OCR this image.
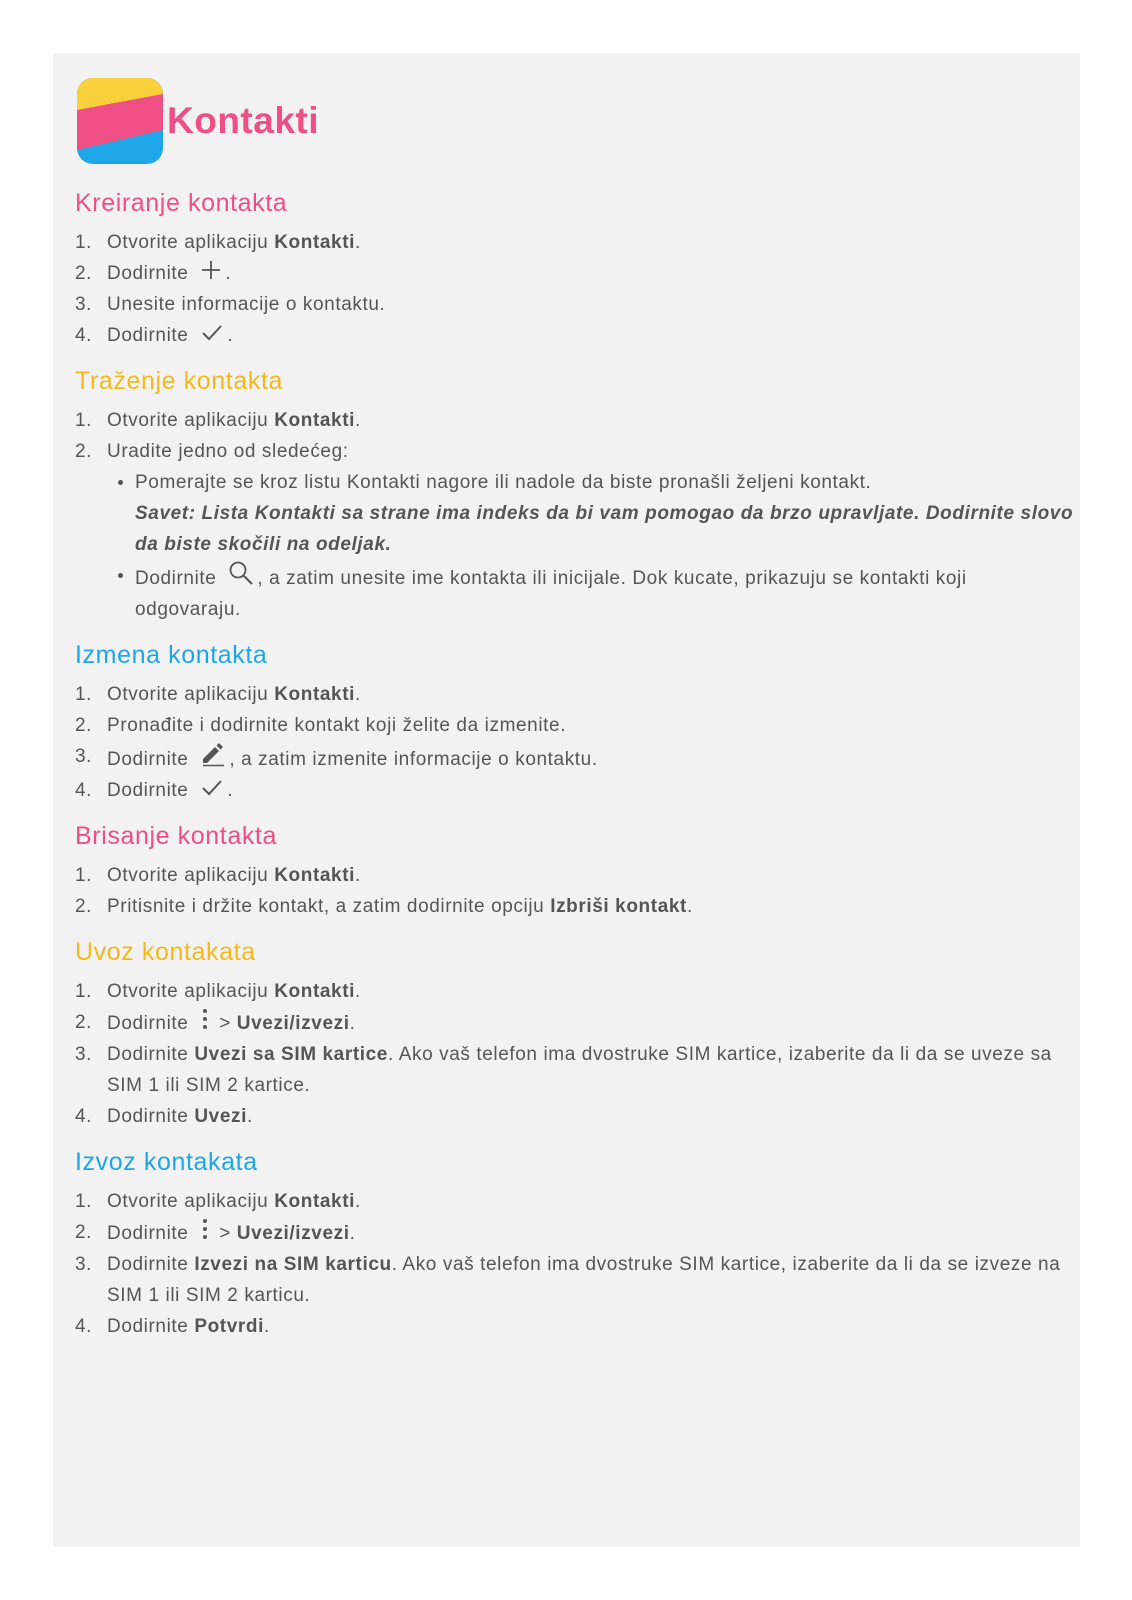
Kontakti
Kreiranje kontakta
1. Otvorite aplikaciju Kontakti.
2. Dodirnite
.
3. Unesite informacije o kontaktu.
4. Dodirnite
.
Traženje kontakta
1. Otvorite aplikaciju Kontakti.
2. Uradite jedno od sledećeg:
Pomerajte se kroz listu Kontakti nagore ili nadole da biste pronašli željeni kontakt.
Savet: Lista Kontakti sa strane ima indeks da bi vam pomogao da brzo upravljate. Dodirnite slovo da biste skočili na odeljak.
Dodirnite
, a zatim unesite ime kontakta ili inicijale. Dok kucate, prikazuju se kontakti koji odgovaraju.
Izmena kontakta
1. Otvorite aplikaciju Kontakti.
2. Pronađite i dodirnite kontakt koji želite da izmenite.
3. Dodirnite
, a zatim izmenite informacije o kontaktu.
4. Dodirnite
.
Brisanje kontakta
1. Otvorite aplikaciju Kontakti.
2. Pritisnite i držite kontakt, a zatim dodirnite opciju Izbriši kontakt.
Uvoz kontakata
1. Otvorite aplikaciju Kontakti.
2. Dodirnite
> Uvezi/izvezi.
3. Dodirnite Uvezi sa SIM kartice. Ako vaš telefon ima dvostruke SIM kartice, izaberite da li da se uveze sa SIM 1 ili SIM 2 kartice.
4. Dodirnite Uvezi.
Izvoz kontakata
1. Otvorite aplikaciju Kontakti.
2. Dodirnite
> Uvezi/izvezi.
3. Dodirnite Izvezi na SIM karticu. Ako vaš telefon ima dvostruke SIM kartice, izaberite da li da se izveze na SIM 1 ili SIM 2 karticu.
4. Dodirnite Potvrdi.
